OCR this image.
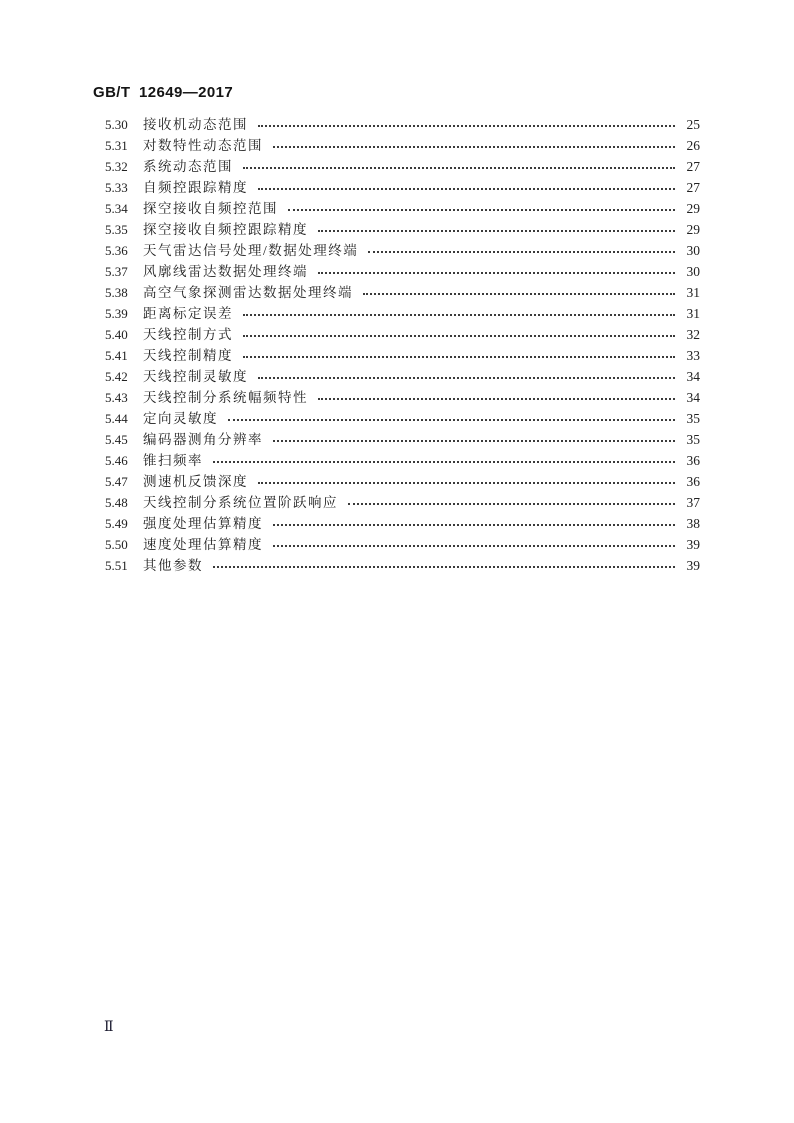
GB/T 12649—2017
5.30	接收机动态范围	25
5.31	对数特性动态范围	26
5.32	系统动态范围	27
5.33	自频控跟踪精度	27
5.34	探空接收自频控范围	29
5.35	探空接收自频控跟踪精度	29
5.36	天气雷达信号处理/数据处理终端	30
5.37	风廓线雷达数据处理终端	30
5.38	高空气象探测雷达数据处理终端	31
5.39	距离标定误差	31
5.40	天线控制方式	32
5.41	天线控制精度	33
5.42	天线控制灵敏度	34
5.43	天线控制分系统幅频特性	34
5.44	定向灵敏度	35
5.45	编码器测角分辨率	35
5.46	锥扫频率	36
5.47	测速机反馈深度	36
5.48	天线控制分系统位置阶跃响应	37
5.49	强度处理估算精度	38
5.50	速度处理估算精度	39
5.51	其他参数	39
Ⅱ
